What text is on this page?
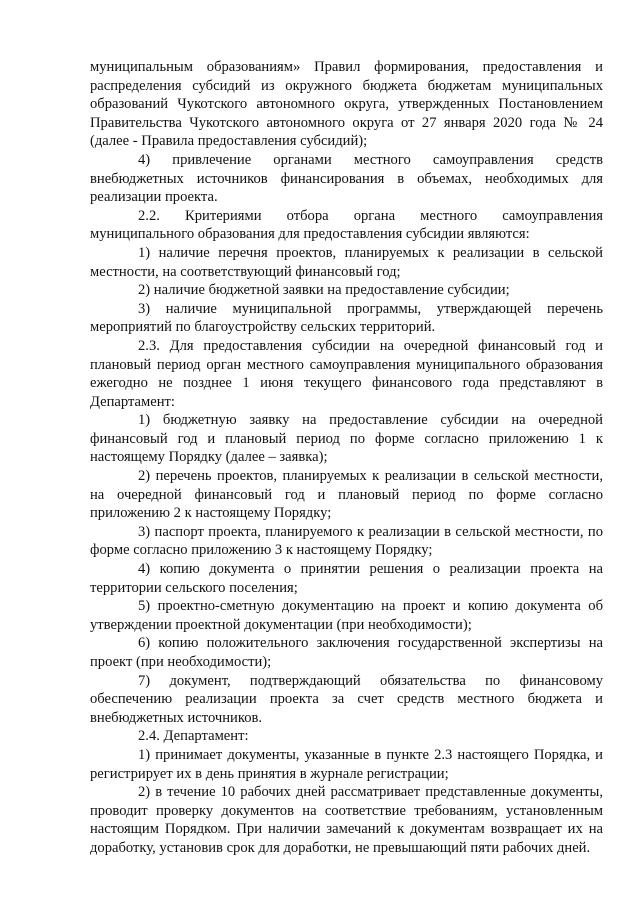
муниципальным образованиям» Правил формирования, предоставления и распределения субсидий из окружного бюджета бюджетам муниципальных образований Чукотского автономного округа, утвержденных Постановлением Правительства Чукотского автономного округа от 27 января 2020 года № 24 (далее - Правила предоставления субсидий);

4) привлечение органами местного самоуправления средств внебюджетных источников финансирования в объемах, необходимых для реализации проекта.

2.2. Критериями отбора органа местного самоуправления муниципального образования для предоставления субсидии являются:

1) наличие перечня проектов, планируемых к реализации в сельской местности, на соответствующий финансовый год;

2) наличие бюджетной заявки на предоставление субсидии;

3) наличие муниципальной программы, утверждающей перечень мероприятий по благоустройству сельских территорий.

2.3. Для предоставления субсидии на очередной финансовый год и плановый период орган местного самоуправления муниципального образования ежегодно не позднее 1 июня текущего финансового года представляют в Департамент:

1) бюджетную заявку на предоставление субсидии на очередной финансовый год и плановый период по форме согласно приложению 1 к настоящему Порядку (далее – заявка);

2) перечень проектов, планируемых к реализации в сельской местности, на очередной финансовый год и плановый период по форме согласно приложению 2 к настоящему Порядку;

3) паспорт проекта, планируемого к реализации в сельской местности, по форме согласно приложению 3 к настоящему Порядку;

4) копию документа о принятии решения о реализации проекта на территории сельского поселения;

5) проектно-сметную документацию на проект и копию документа об утверждении проектной документации (при необходимости);

6) копию положительного заключения государственной экспертизы на проект (при необходимости);

7) документ, подтверждающий обязательства по финансовому обеспечению реализации проекта за счет средств местного бюджета и внебюджетных источников.

2.4. Департамент:

1) принимает документы, указанные в пункте 2.3 настоящего Порядка, и регистрирует их в день принятия в журнале регистрации;

2) в течение 10 рабочих дней рассматривает представленные документы, проводит проверку документов на соответствие требованиям, установленным настоящим Порядком. При наличии замечаний к документам возвращает их на доработку, установив срок для доработки, не превышающий пяти рабочих дней.
